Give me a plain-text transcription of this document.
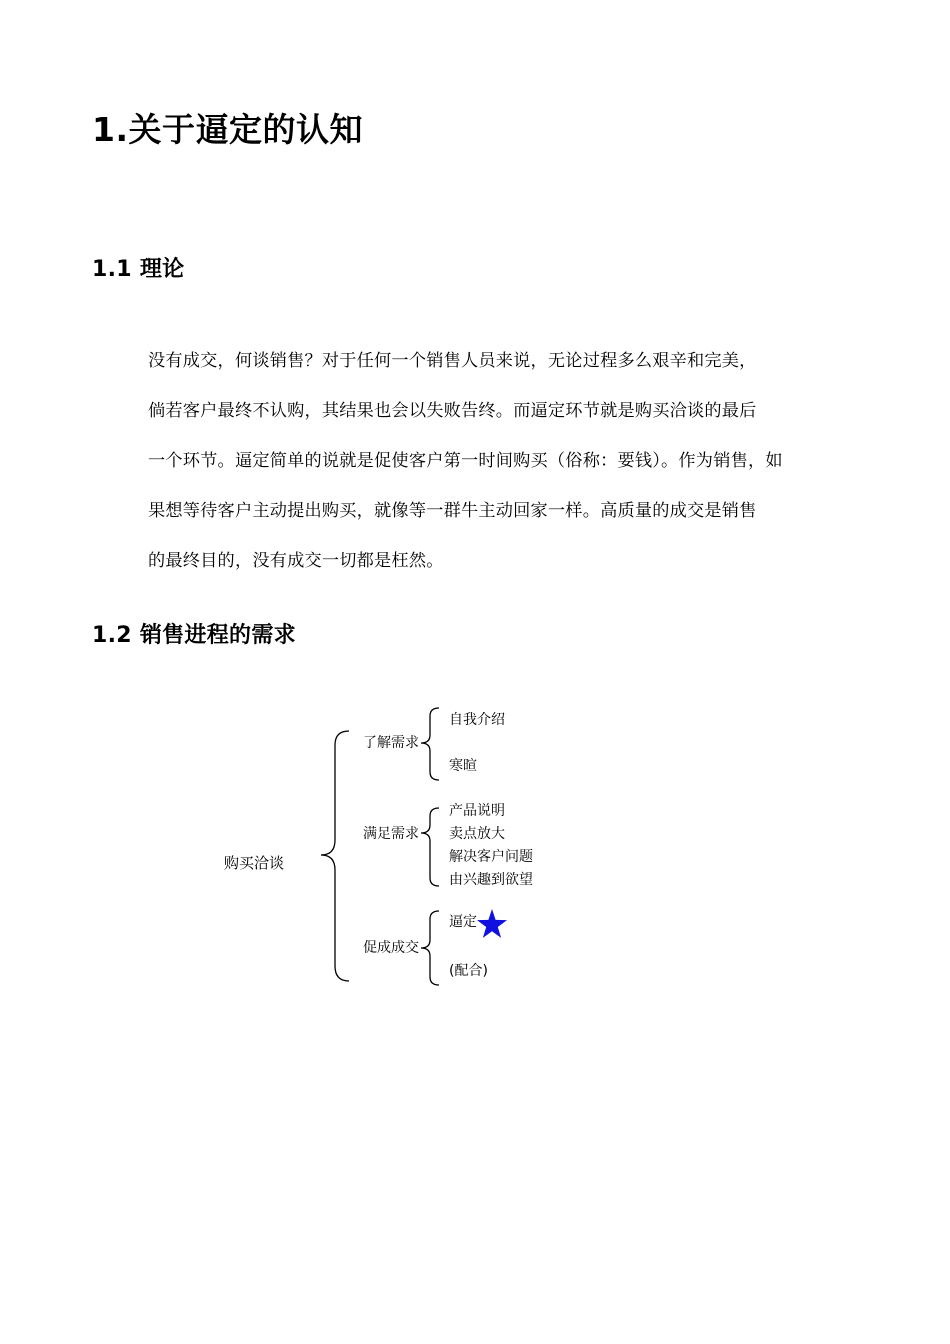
1.关于逼定的认知
1.1 理论
没有成交，何谈销售？对于任何一个销售人员来说，无论过程多么艰辛和完美，
倘若客户最终不认购，其结果也会以失败告终。而逼定环节就是购买洽谈的最后
一个环节。逼定简单的说就是促使客户第一时间购买（俗称：要钱）。作为销售，如
果想等待客户主动提出购买，就像等一群牛主动回家一样。高质量的成交是销售
的最终目的，没有成交一切都是枉然。
1.2 销售进程的需求
购买洽谈
了解需求
自我介绍
寒暄
满足需求
产品说明
卖点放大
解决客户问题
由兴趣到欲望
促成成交
逼定
(配合)
